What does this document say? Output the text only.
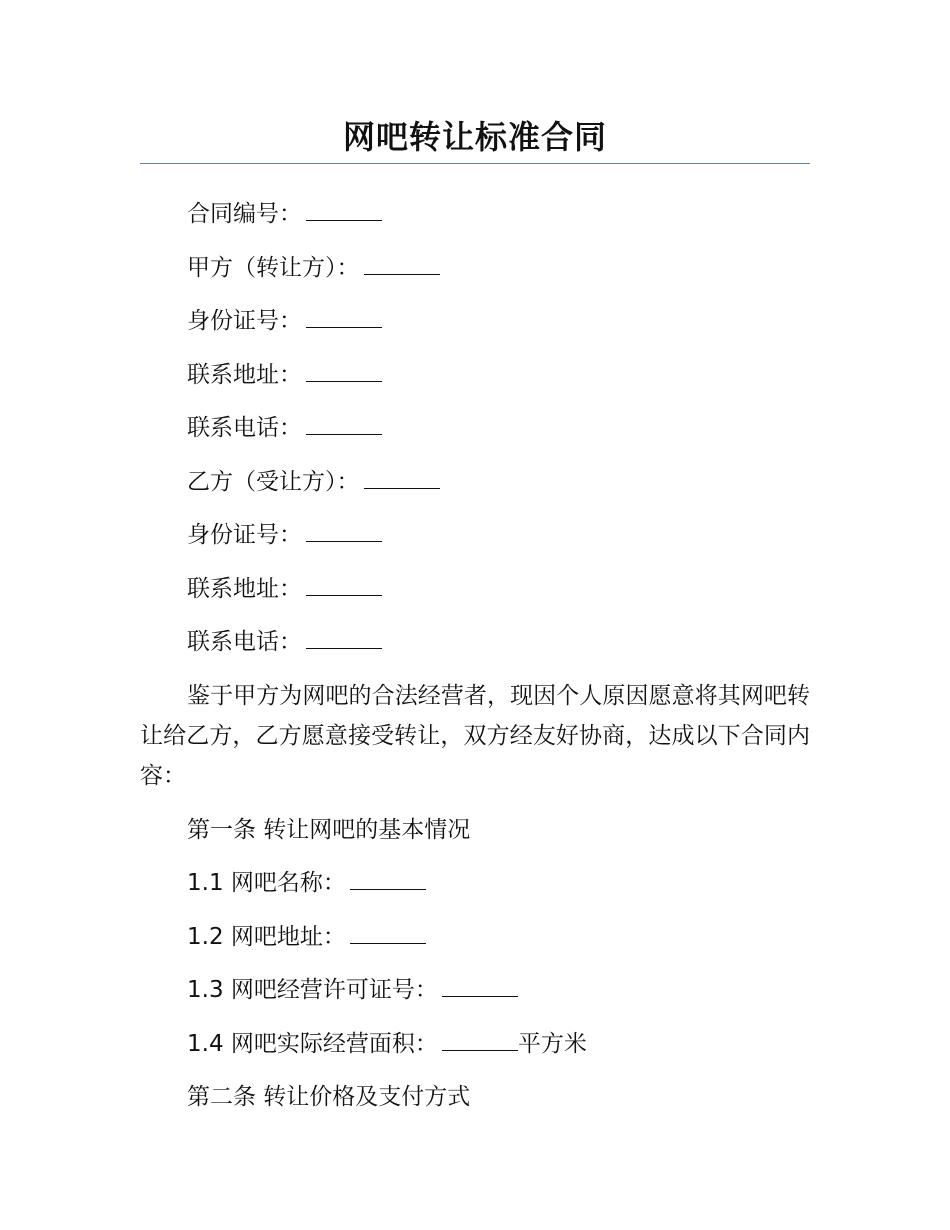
网吧转让标准合同
合同编号：
甲方（转让方）：
身份证号：
联系地址：
联系电话：
乙方（受让方）：
身份证号：
联系地址：
联系电话：
鉴于甲方为网吧的合法经营者，现因个人原因愿意将其网吧转让给乙方，乙方愿意接受转让，双方经友好协商，达成以下合同内容：
第一条 转让网吧的基本情况
1.1 网吧名称：
1.2 网吧地址：
1.3 网吧经营许可证号：
1.4 网吧实际经营面积：	平方米
第二条 转让价格及支付方式
